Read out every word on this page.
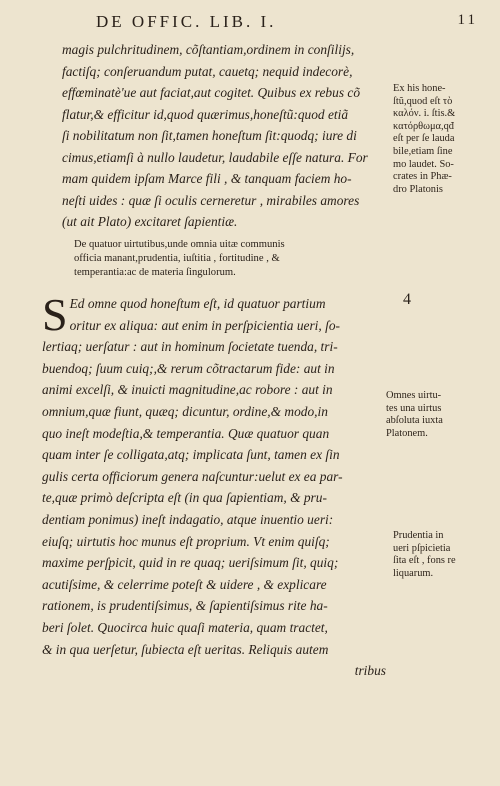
DE OFFIC. LIB. I.	11
magis pulchritudinem, cõſtantiam,ordinem in conſilijs,
factiſq; conſeruandum putat, cauetq; nequid indecorè,
effœminatè'ue aut faciat,aut cogitet. Quibus ex rebus cõ
flatur,& efficitur id,quod quærimus,honeſtũ:quod etiã
ſi nobilitatum non ſit,tamen honeſtum ſit:quodq; iure di
cimus,etiamſi à nullo laudetur, laudabile eſſe natura. For
mam quidem ipſam Marce fili , & tanquam faciem ho-
neſti uides : quæ ſi oculis cerneretur , mirabiles amores
(ut ait Plato) excitaret ſapientiæ.
Ex his hone-
ſtũ,quod eſt τὸ
καλόν. i. ſtis.&
κατόρθωμα,qđ
eſt per ſe lauda
bile,etiam ſine
mo laudet. So-
crates in Phæ-
dro Platonis
De quatuor uirtutibus,unde omnia uitæ communis
officia manant,prudentia, iuſtitia , fortitudine , &
temperantia:ac de materia ſingulorum.
4
S Ed omne quod honeſtum eſt, id quatuor partium
oritur ex aliqua: aut enim in perſpicientia ueri, ſo-
lertiaq; uerſatur : aut in hominum ſocietate tuenda, tri-
buendoq; ſuum cuiq;,& rerum cõtractarum fide: aut in
animi excelſi, & inuicti magnitudine,ac robore : aut in
omnium,quæ fiunt, quæq; dicuntur, ordine,& modo,in
quo ineſt modeſtia,& temperantia. Quæ quatuor quan
quam inter ſe colligata,atq; implicata ſunt, tamen ex ſin
gulis certa officiorum genera naſcuntur:uelut ex ea par-
te,quæ primò deſcripta eſt (in qua ſapientiam, & pru-
dentiam ponimus) ineſt indagatio, atque inuentio ueri:
eiuſq; uirtutis hoc munus eſt proprium. Vt enim quiſq;
maxime perſpicit, quid in re quaq; ueriſsimum ſit, quiq;
acutiſsime, & celerrime poteſt & uidere , & explicare
rationem, is prudentiſsimus, & ſapientiſsimus rite ha-
beri ſolet. Quocirca huic quaſi materia, quam tractet,
& in qua uerſetur, ſubiecta eſt ueritas. Reliquis autem
tribus
Omnes uirtu-
tes una uirtus
abſoluta iuxta
Platonem.
Prudentia in
ueri pſpicietia
ſita eſt , fons re
liquarum.
